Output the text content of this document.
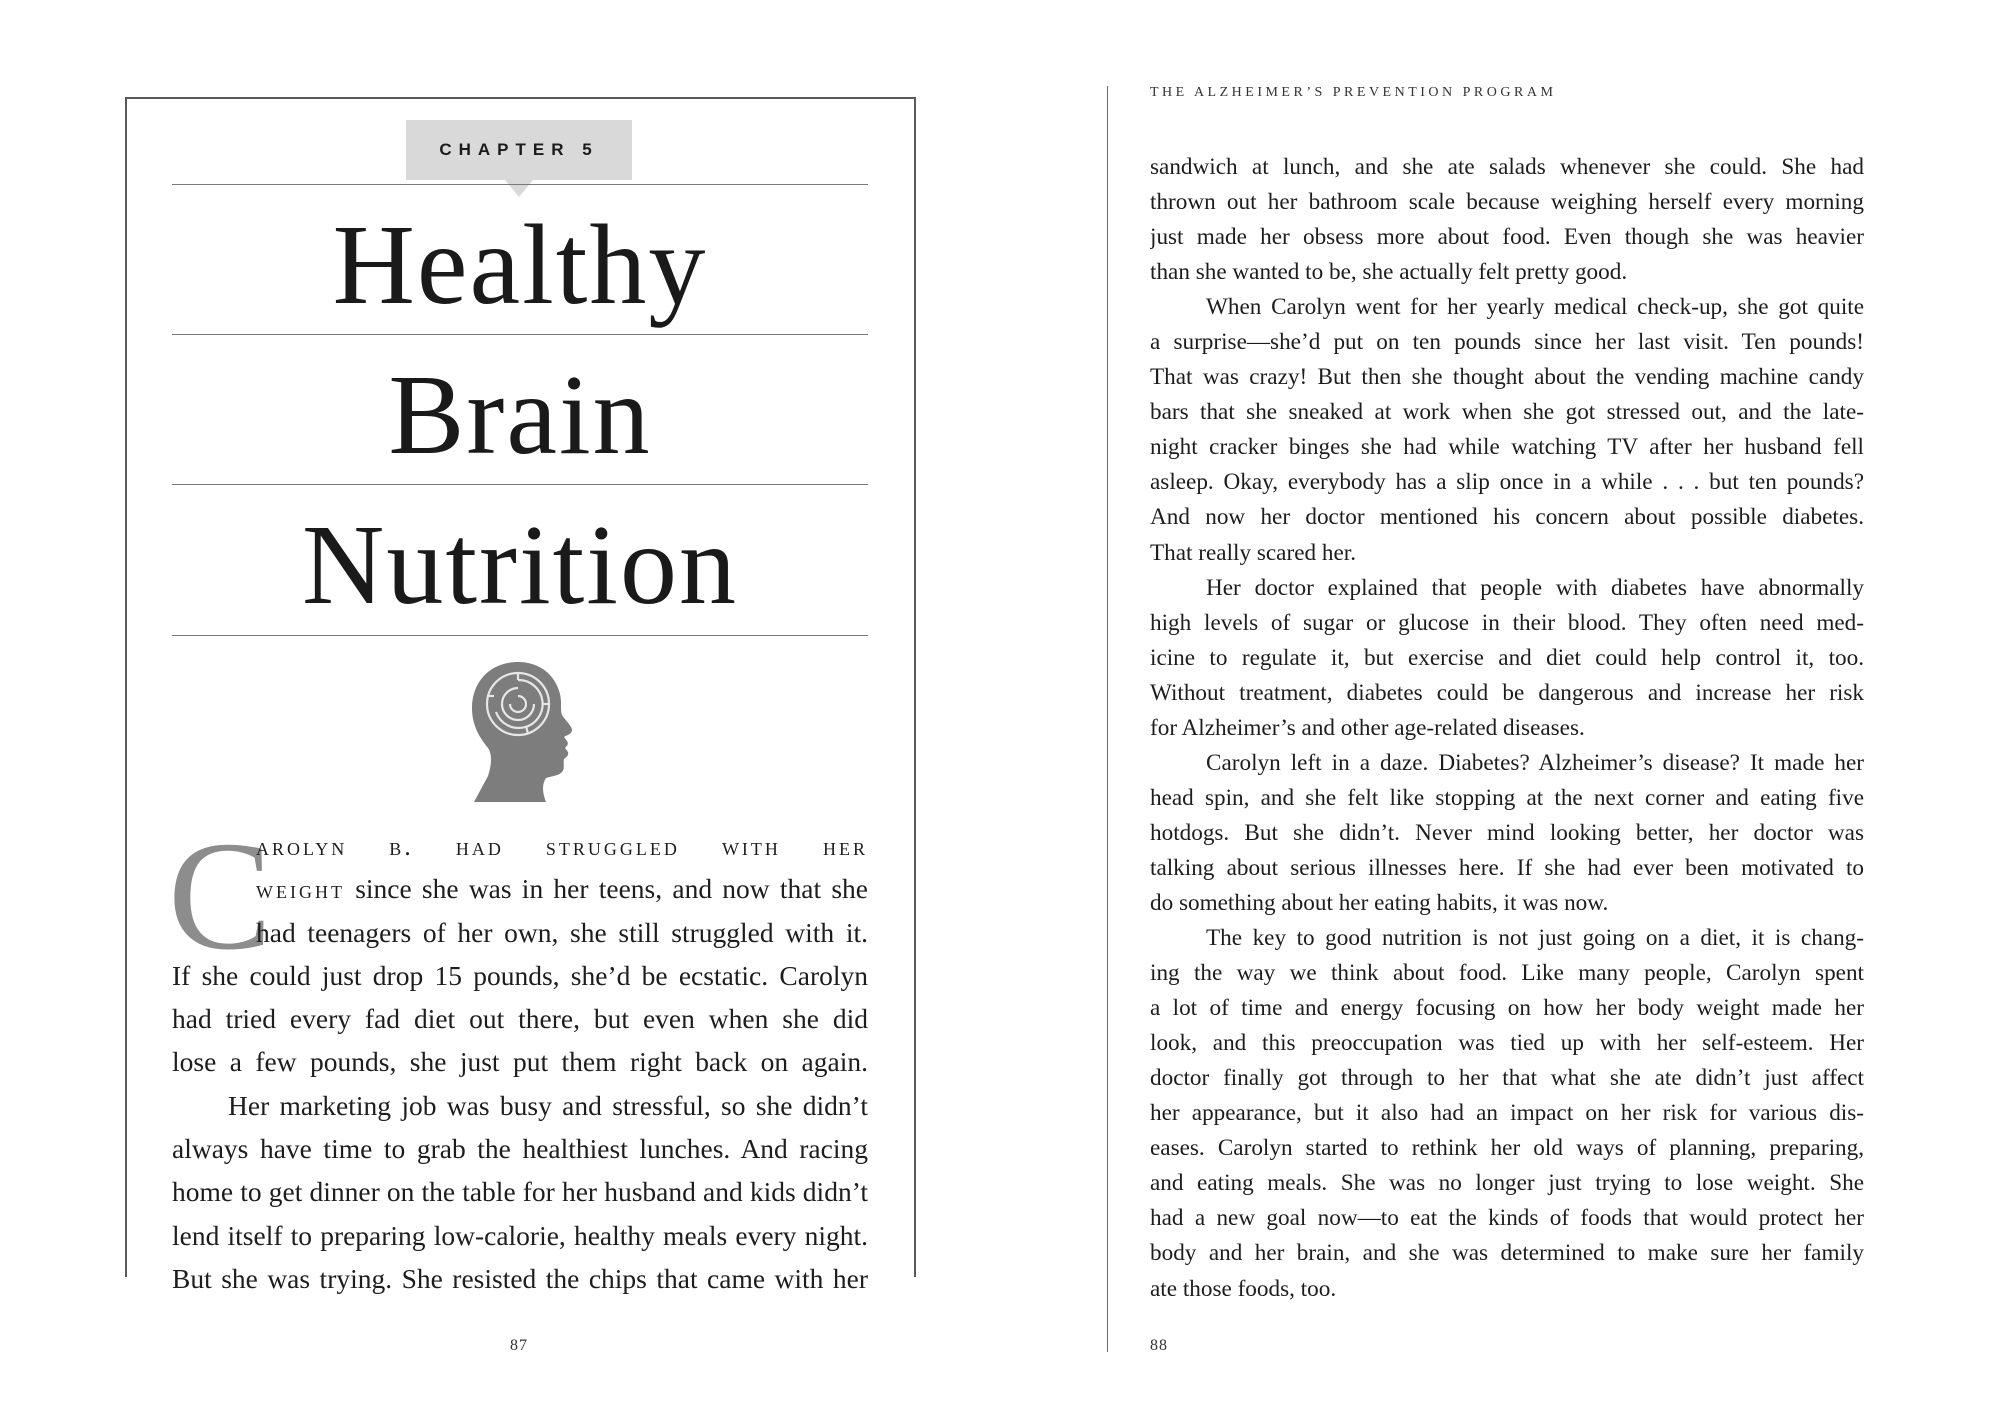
CHAPTER 5
Healthy
Brain
Nutrition
C
arolyn b. had struggled with her
weight since she was in her teens, and now that she
had teenagers of her own, she still struggled with it.
If she could just drop 15 pounds, she’d be ecstatic. Carolyn
had tried every fad diet out there, but even when she did
lose a few pounds, she just put them right back on again.
Her marketing job was busy and stressful, so she didn’t
always have time to grab the healthiest lunches. And racing
home to get dinner on the table for her husband and kids didn’t
lend itself to preparing low-calorie, healthy meals every night.
But she was trying. She resisted the chips that came with her
87
THE ALZHEIMER’S PREVENTION PROGRAM
sandwich at lunch, and she ate salads whenever she could. She had
thrown out her bathroom scale because weighing herself every morning
just made her obsess more about food. Even though she was heavier
than she wanted to be, she actually felt pretty good.
When Carolyn went for her yearly medical check-up, she got quite
a surprise—she’d put on ten pounds since her last visit. Ten pounds!
That was crazy! But then she thought about the vending machine candy
bars that she sneaked at work when she got stressed out, and the late-
night cracker binges she had while watching TV after her husband fell
asleep. Okay, everybody has a slip once in a while . . . but ten pounds?
And now her doctor mentioned his concern about possible diabetes.
That really scared her.
Her doctor explained that people with diabetes have abnormally
high levels of sugar or glucose in their blood. They often need med-
icine to regulate it, but exercise and diet could help control it, too.
Without treatment, diabetes could be dangerous and increase her risk
for Alzheimer’s and other age-related diseases.
Carolyn left in a daze. Diabetes? Alzheimer’s disease? It made her
head spin, and she felt like stopping at the next corner and eating five
hotdogs. But she didn’t. Never mind looking better, her doctor was
talking about serious illnesses here. If she had ever been motivated to
do something about her eating habits, it was now.
The key to good nutrition is not just going on a diet, it is chang-
ing the way we think about food. Like many people, Carolyn spent
a lot of time and energy focusing on how her body weight made her
look, and this preoccupation was tied up with her self-esteem. Her
doctor finally got through to her that what she ate didn’t just affect
her appearance, but it also had an impact on her risk for various dis-
eases. Carolyn started to rethink her old ways of planning, preparing,
and eating meals. She was no longer just trying to lose weight. She
had a new goal now—to eat the kinds of foods that would protect her
body and her brain, and she was determined to make sure her family
ate those foods, too.
88
